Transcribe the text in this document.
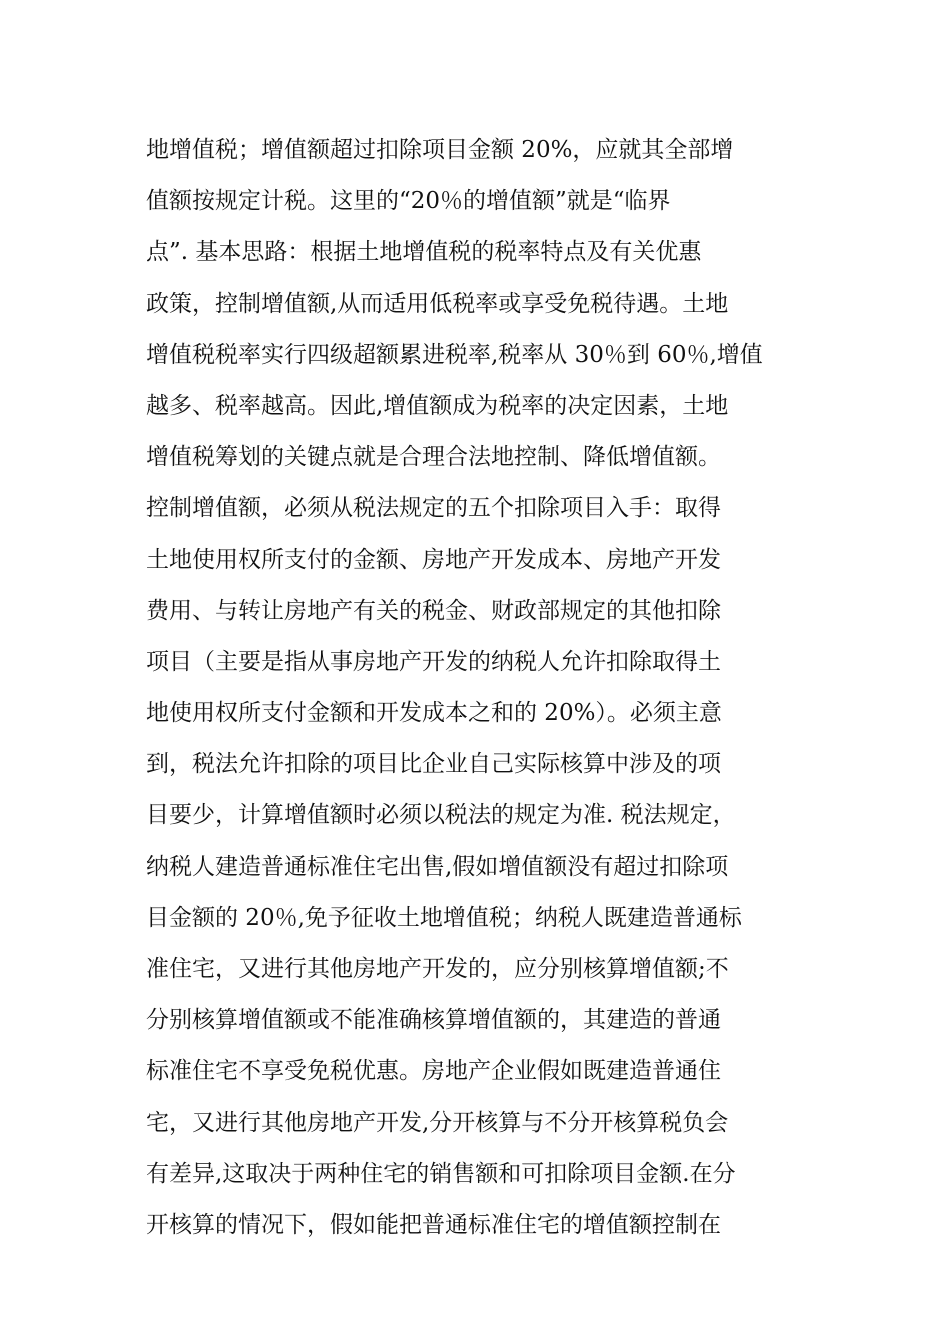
地增值税；增值额超过扣除项目金额 20%，应就其全部增
值额按规定计税。这里的“20％的增值额”就是“临界
点”. 基本思路：根据土地增值税的税率特点及有关优惠
政策，控制增值额,从而适用低税率或享受免税待遇。土地
增值税税率实行四级超额累进税率,税率从 30％到 60％,增值
越多、税率越高。因此,增值额成为税率的决定因素，土地
增值税筹划的关键点就是合理合法地控制、降低增值额。
控制增值额，必须从税法规定的五个扣除项目入手：取得
土地使用权所支付的金额、房地产开发成本、房地产开发
费用、与转让房地产有关的税金、财政部规定的其他扣除
项目（主要是指从事房地产开发的纳税人允许扣除取得土
地使用权所支付金额和开发成本之和的 20%）。必须主意
到，税法允许扣除的项目比企业自己实际核算中涉及的项
目要少，计算增值额时必须以税法的规定为准. 税法规定，
纳税人建造普通标准住宅出售,假如增值额没有超过扣除项
目金额的 20％,免予征收土地增值税；纳税人既建造普通标
准住宅，又进行其他房地产开发的，应分别核算增值额;不
分别核算增值额或不能准确核算增值额的，其建造的普通
标准住宅不享受免税优惠。房地产企业假如既建造普通住
宅，又进行其他房地产开发,分开核算与不分开核算税负会
有差异,这取决于两种住宅的销售额和可扣除项目金额.在分
开核算的情况下，假如能把普通标准住宅的增值额控制在
